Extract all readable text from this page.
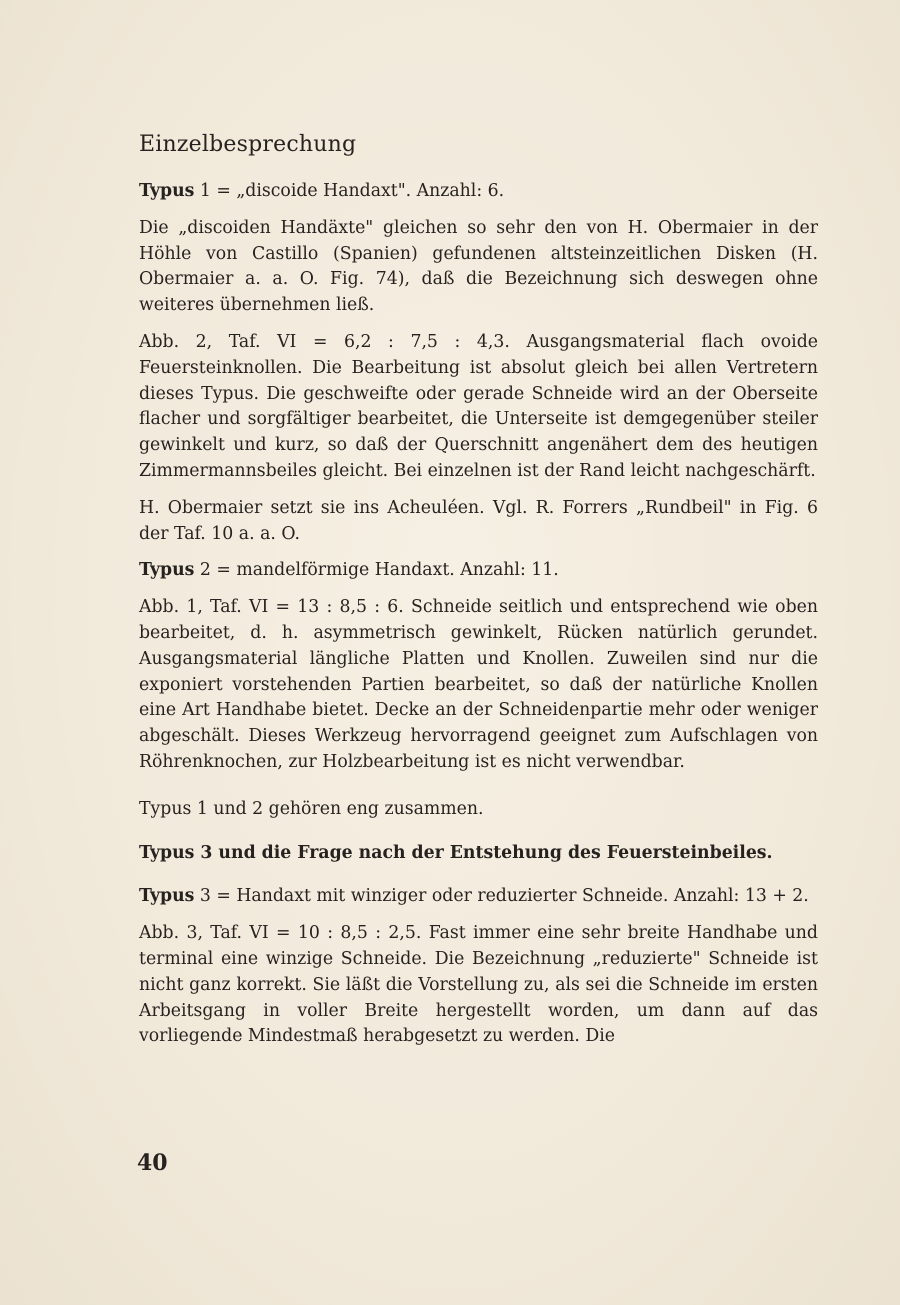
Einzelbesprechung

Typus 1 = „discoide Handaxt". Anzahl: 6.

Die „discoiden Handäxte" gleichen so sehr den von H. Obermaier in der Höhle von Castillo (Spanien) gefundenen altsteinzeitlichen Disken (H. Obermaier a. a. O. Fig. 74), daß die Bezeichnung sich deswegen ohne weiteres übernehmen ließ.

Abb. 2, Taf. VI = 6,2 : 7,5 : 4,3. Ausgangsmaterial flach ovoide Feuersteinknollen. Die Bearbeitung ist absolut gleich bei allen Vertretern dieses Typus. Die geschweifte oder gerade Schneide wird an der Oberseite flacher und sorgfältiger bearbeitet, die Unterseite ist demgegenüber steiler gewinkelt und kurz, so daß der Querschnitt angenähert dem des heutigen Zimmermannsbeiles gleicht. Bei einzelnen ist der Rand leicht nachgeschärft.

H. Obermaier setzt sie ins Acheuléen. Vgl. R. Forrers „Rundbeil" in Fig. 6 der Taf. 10 a. a. O.

Typus 2 = mandelförmige Handaxt. Anzahl: 11.

Abb. 1, Taf. VI = 13 : 8,5 : 6. Schneide seitlich und entsprechend wie oben bearbeitet, d. h. asymmetrisch gewinkelt, Rücken natürlich gerundet. Ausgangsmaterial längliche Platten und Knollen. Zuweilen sind nur die exponiert vorstehenden Partien bearbeitet, so daß der natürliche Knollen eine Art Handhabe bietet. Decke an der Schneidenpartie mehr oder weniger abgeschält. Dieses Werkzeug hervorragend geeignet zum Aufschlagen von Röhrenknochen, zur Holzbearbeitung ist es nicht verwendbar.

Typus 1 und 2 gehören eng zusammen.

Typus 3 und die Frage nach der Entstehung des Feuersteinbeiles.

Typus 3 = Handaxt mit winziger oder reduzierter Schneide. Anzahl: 13 + 2.

Abb. 3, Taf. VI = 10 : 8,5 : 2,5. Fast immer eine sehr breite Handhabe und terminal eine winzige Schneide. Die Bezeichnung „reduzierte" Schneide ist nicht ganz korrekt. Sie läßt die Vorstellung zu, als sei die Schneide im ersten Arbeitsgang in voller Breite hergestellt worden, um dann auf das vorliegende Mindestmaß herabgesetzt zu werden. Die

40
